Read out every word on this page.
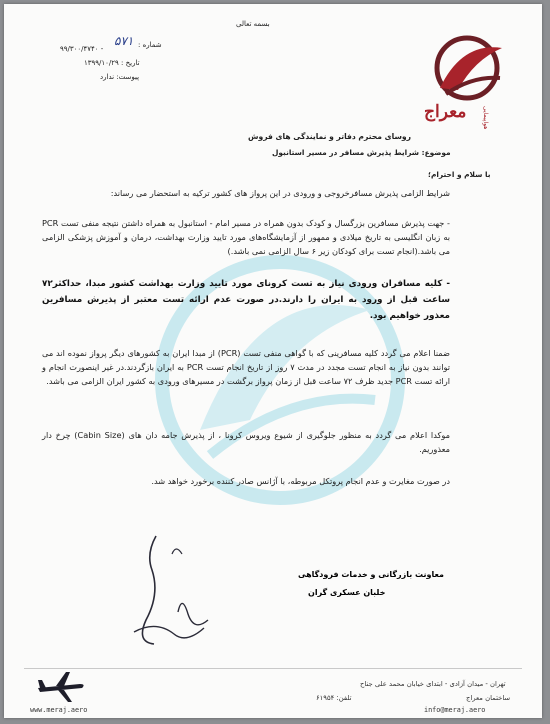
بسمه تعالی
شماره :
۵۷۱
۹۹/۳۰۰/۴۷۴۰ -
تاریخ : ۱۳۹۹/۱۰/۲۹
پیوست: ندارد
معراج	هواپیمایی
روسای محترم دفاتر و نمایندگی های فروش
موضوع: شرایط پذیرش مسافر در مسیر استانبول
با سلام و احترام؛
شرایط الزامی پذیرش مسافرخروجی و ورودی در این پرواز های کشور ترکیه به استحضار می رساند:
- جهت پذیرش مسافرین بزرگسال و کودک بدون همراه در مسیر امام - استانبول به همراه داشتن نتیجه منفی تست PCR به زبان انگلیسی به تاریخ میلادی و ممهور از آزمایشگاه‌های مورد تایید وزارت بهداشت، درمان و آموزش پزشکی الزامی می باشد.(انجام تست برای کودکان زیر ۶ سال الزامی نمی باشد.)
- کلیه مسافران ورودی نیاز به تست کرونای مورد تایید وزارت بهداشت کشور مبدا، حداکثر۷۲ ساعت قبل از ورود به ایران را دارند.در صورت عدم ارائه تست معتبر از پذیرش مسافرین معذور خواهیم بود.
ضمنا اعلام می گردد کلیه مسافرینی که با گواهی منفی تست (PCR) از مبدا ایران به کشورهای دیگر پرواز نموده اند می توانند بدون نیاز به انجام تست مجدد در مدت ۷ روز از تاریخ انجام تست PCR به ایران بازگردند.در غیر اینصورت انجام و ارائه تست PCR جدید ظرف ۷۲ ساعت قبل از زمان پرواز برگشت در مسیرهای ورودی به کشور ایران الزامی می باشد.
موکدا اعلام می گردد به منظور جلوگیری از شیوع ویروس کرونا ، از پذیرش جامه دان های (Cabin Size) چرخ دار معذوریم.
در صورت مغایرت و عدم انجام پروتکل مربوطه، با آژانس صادر کننده برخورد خواهد شد.
معاونت بازرگانی و خدمات فرودگاهی
خلبان عسکری گران
تهران - میدان آزادی - ابتدای خیابان محمد علی جناح
ساختمان معراج
تلفن: ۶۱۹۵۴
info@meraj.aero
www.meraj.aero
